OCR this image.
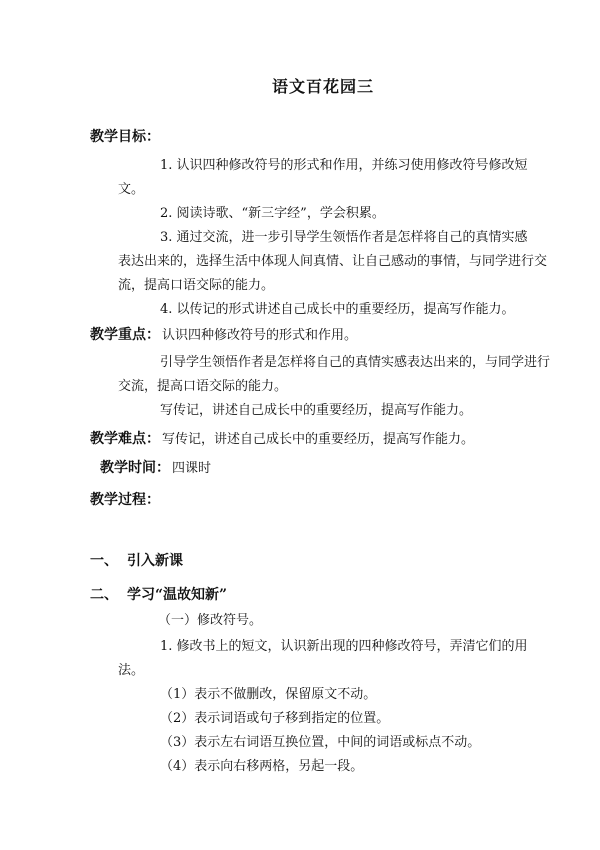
语文百花园三
教学目标：
1. 认识四种修改符号的形式和作用，并练习使用修改符号修改短
文。
2. 阅读诗歌、“新三字经”，学会积累。
3. 通过交流，进一步引导学生领悟作者是怎样将自己的真情实感
表达出来的，选择生活中体现人间真情、让自己感动的事情，与同学进行交
流，提高口语交际的能力。
4. 以传记的形式讲述自己成长中的重要经历，提高写作能力。
教学重点： 认识四种修改符号的形式和作用。
引导学生领悟作者是怎样将自己的真情实感表达出来的，与同学进行
交流，提高口语交际的能力。
写传记，讲述自己成长中的重要经历，提高写作能力。
教学难点： 写传记，讲述自己成长中的重要经历，提高写作能力。
教学时间： 四课时
教学过程：
一、 引入新课
二、 学习“温故知新”
（一）修改符号。
1. 修改书上的短文，认识新出现的四种修改符号，弄清它们的用
法。
（1）表示不做删改，保留原文不动。
（2）表示词语或句子移到指定的位置。
（3）表示左右词语互换位置，中间的词语或标点不动。
（4）表示向右移两格，另起一段。
